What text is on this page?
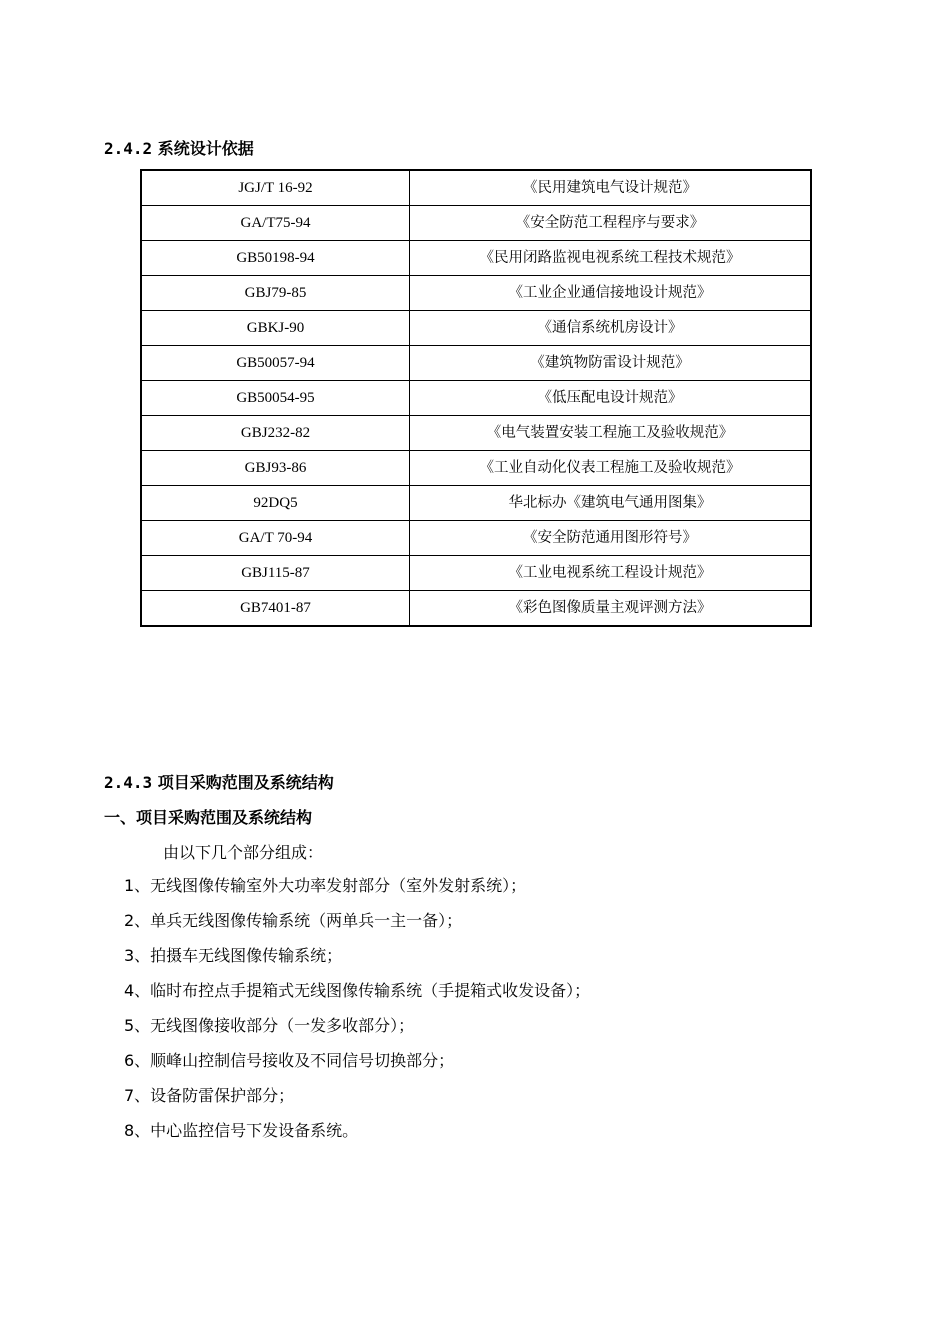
2.4.2 系统设计依据
JGJ/T 16-92	《民用建筑电气设计规范》
GA/T75-94	《安全防范工程程序与要求》
GB50198-94	《民用闭路监视电视系统工程技术规范》
GBJ79-85	《工业企业通信接地设计规范》
GBKJ-90	《通信系统机房设计》
GB50057-94	《建筑物防雷设计规范》
GB50054-95	《低压配电设计规范》
GBJ232-82	《电气装置安装工程施工及验收规范》
GBJ93-86	《工业自动化仪表工程施工及验收规范》
92DQ5	华北标办《建筑电气通用图集》
GA/T 70-94	《安全防范通用图形符号》
GBJ115-87	《工业电视系统工程设计规范》
GB7401-87	《彩色图像质量主观评测方法》
2.4.3 项目采购范围及系统结构
一、项目采购范围及系统结构
由以下几个部分组成：
1、无线图像传输室外大功率发射部分（室外发射系统）；
2、单兵无线图像传输系统（两单兵一主一备）；
3、拍摄车无线图像传输系统；
4、临时布控点手提箱式无线图像传输系统（手提箱式收发设备）；
5、无线图像接收部分（一发多收部分）；
6、顺峰山控制信号接收及不同信号切换部分；
7、设备防雷保护部分；
8、中心监控信号下发设备系统。
